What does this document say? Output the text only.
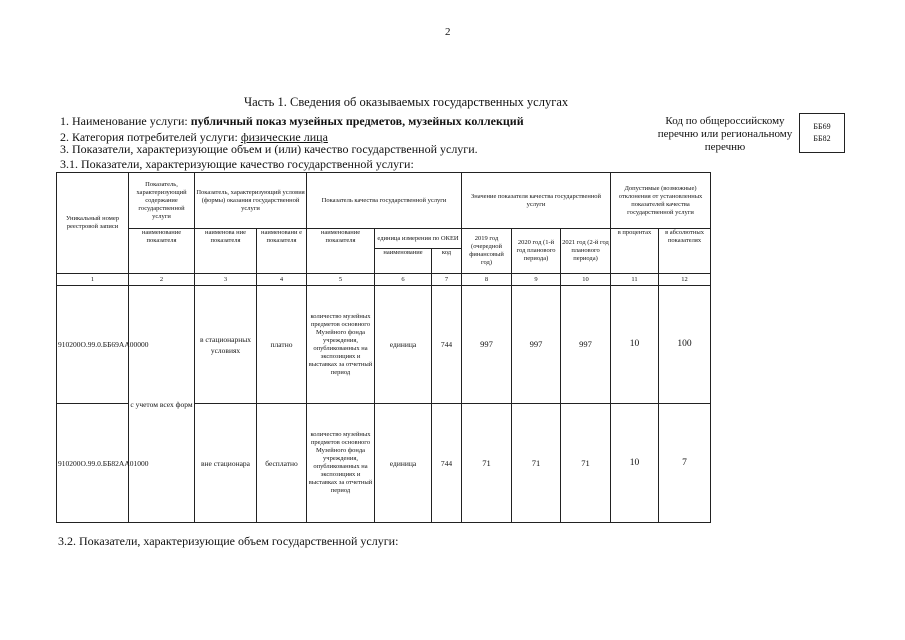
2
Часть 1. Сведения об оказываемых государственных услугах
1. Наименование услуги: публичный показ музейных предметов, музейных коллекций
2. Категория потребителей услуги: физические лица
3. Показатели, характеризующие объем и (или) качество государственной услуги.
3.1. Показатели, характеризующие качество государственной услуги:
Код по общероссийскому перечню или региональному перечню
ББ69
ББ82
Уникальный номер реестровой записи	Показатель, характеризующий содержание государственной услуги	Показатель, характеризующий условия (формы) оказания государственной услуги		Показатель качества государственной услуги			Значение показателя качества государственной услуги			Допустимые (возможные) отклонения от установленных показателей качества государственной услуги	
	наименование показателя	наименова ние показателя	наименовани е показателя	наименование показателя	единица измерения по ОКЕИ		2019 год (очередной финансовый год)	2020 год (1-й год планового периода)	2021 год (2-й год планового периода)	в процентах	в абсолютных показателях
					наименование	код					
1	2	3	4	5	6	7	8	9	10	11	12
910200О.99.0.ББ69АА00000	с учетом всех форм	в стационарных условиях	платно	количество музейных предметов основного Музейного фонда учреждения, опубликованных на экспозициях и выставках за отчетный период	единица	744	997	997	997	10	100
910200О.99.0.ББ82АА01000		вне стационара	бесплатно	количество музейных предметов основного Музейного фонда учреждения, опубликованных на экспозициях и выставках за отчетный период	единица	744	71	71	71	10	7
3.2. Показатели, характеризующие объем государственной услуги:
